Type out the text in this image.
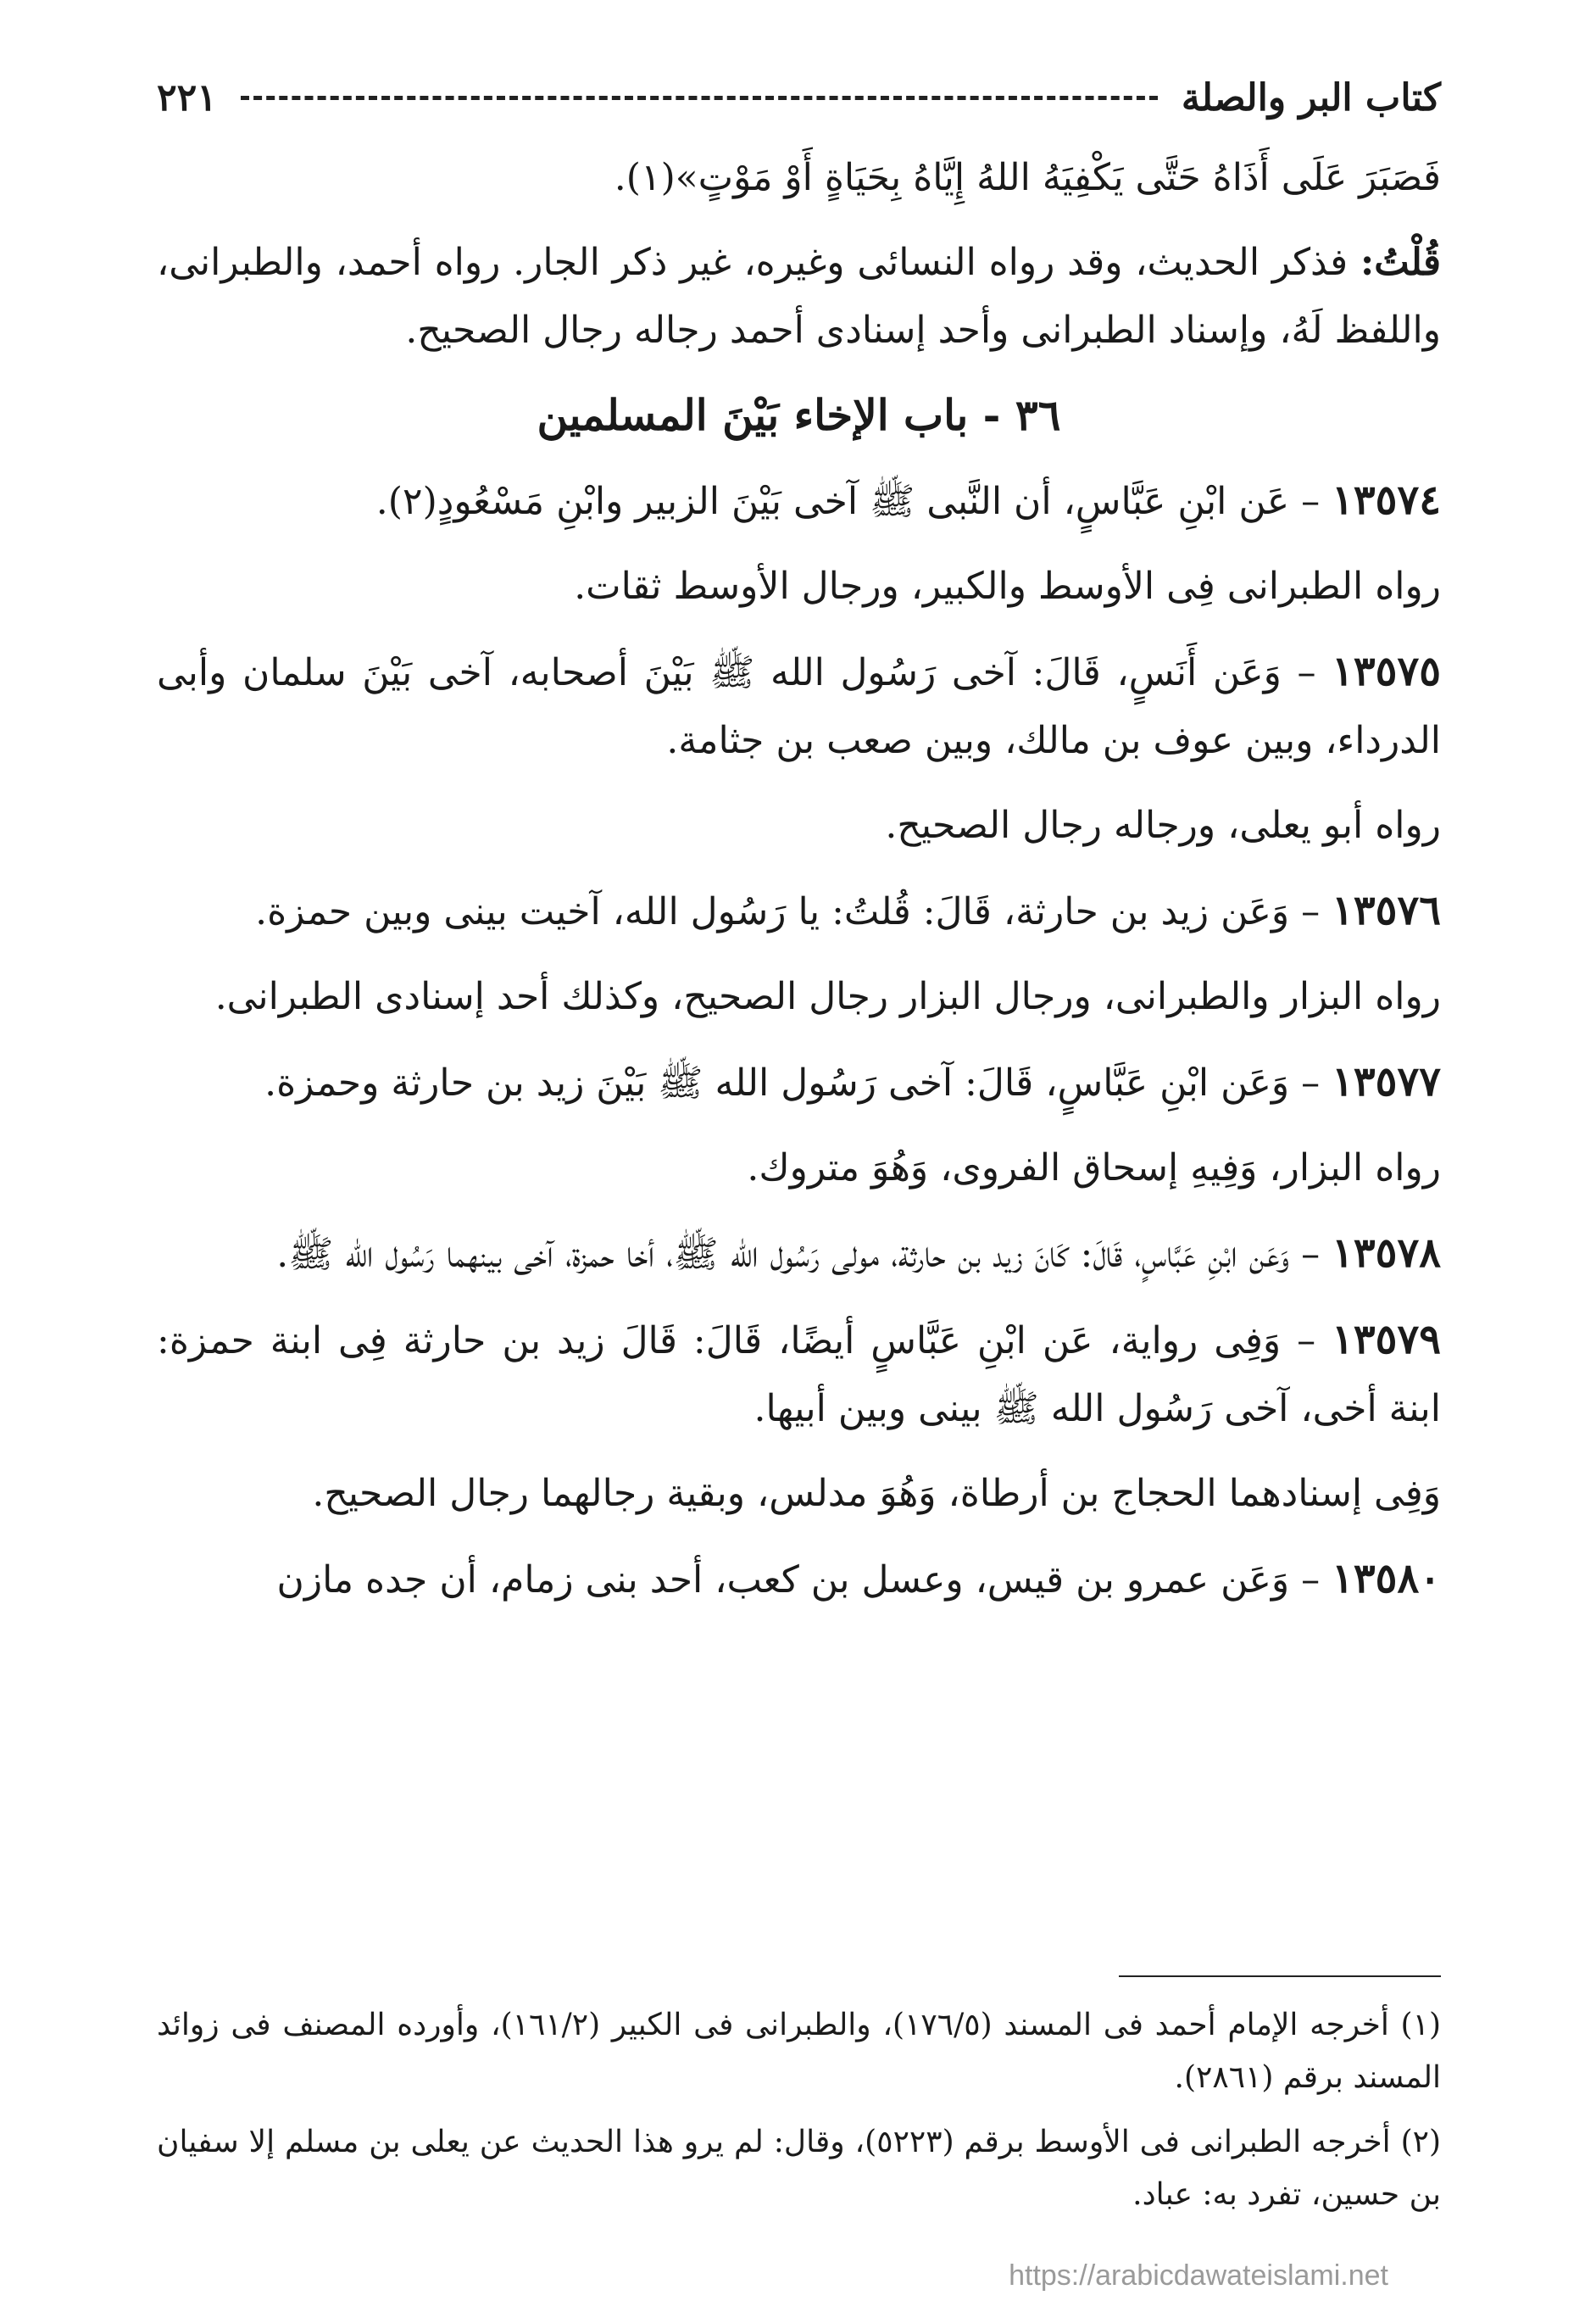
كتاب البر والصلة
٢٢١

فَصَبَرَ عَلَى أَذَاهُ حَتَّى يَكْفِيَهُ اللهُ إِيَّاهُ بِحَيَاةٍ أَوْ مَوْتٍ»(١).

قُلْتُ: فذكر الحديث، وقد رواه النسائى وغيره، غير ذكر الجار. رواه أحمد، والطبرانى، واللفظ لَهُ، وإسناد الطبرانى وأحد إسنادى أحمد رجاله رجال الصحيح.

٣٦ - باب الإخاء بَيْنَ المسلمين

١٣٥٧٤ – عَن ابْنِ عَبَّاسٍ، أن النَّبى ﷺ آخى بَيْنَ الزبير وابْنِ مَسْعُودٍ(٢).

رواه الطبرانى فِى الأوسط والكبير، ورجال الأوسط ثقات.

١٣٥٧٥ – وَعَن أَنَسٍ، قَالَ: آخى رَسُول الله ﷺ بَيْنَ أصحابه، آخى بَيْنَ سلمان وأبى الدرداء، وبين عوف بن مالك، وبين صعب بن جثامة.

رواه أبو يعلى، ورجاله رجال الصحيح.

١٣٥٧٦ – وَعَن زيد بن حارثة، قَالَ: قُلتُ: يا رَسُول الله، آخيت بينى وبين حمزة.

رواه البزار والطبرانى، ورجال البزار رجال الصحيح، وكذلك أحد إسنادى الطبرانى.

١٣٥٧٧ – وَعَن ابْنِ عَبَّاسٍ، قَالَ: آخى رَسُول الله ﷺ بَيْنَ زيد بن حارثة وحمزة.

رواه البزار، وَفِيهِ إسحاق الفروى، وَهُوَ متروك.

١٣٥٧٨ – وَعَن ابْنِ عَبَّاسٍ، قَالَ: كَانَ زيد بن حارثة، مولى رَسُول الله ﷺ، أخا حمزة، آخى بينهما رَسُول الله ﷺ.

١٣٥٧٩ – وَفِى رواية، عَن ابْنِ عَبَّاسٍ أيضًا، قَالَ: قَالَ زيد بن حارثة فِى ابنة حمزة: ابنة أخى، آخى رَسُول الله ﷺ بينى وبين أبيها.

وَفِى إسنادهما الحجاج بن أرطاة، وَهُوَ مدلس، وبقية رجالهما رجال الصحيح.

١٣٥٨٠ – وَعَن عمرو بن قيس، وعسل بن كعب، أحد بنى زمام، أن جده مازن

(١) أخرجه الإمام أحمد فى المسند (١٧٦/٥)، والطبرانى فى الكبير (١٦١/٢)، وأورده المصنف فى زوائد المسند برقم (٢٨٦١).

(٢) أخرجه الطبرانى فى الأوسط برقم (٥٢٢٣)، وقال: لم يرو هذا الحديث عن يعلى بن مسلم إلا سفيان بن حسين، تفرد به: عباد.

https://arabicdawateislami.net
